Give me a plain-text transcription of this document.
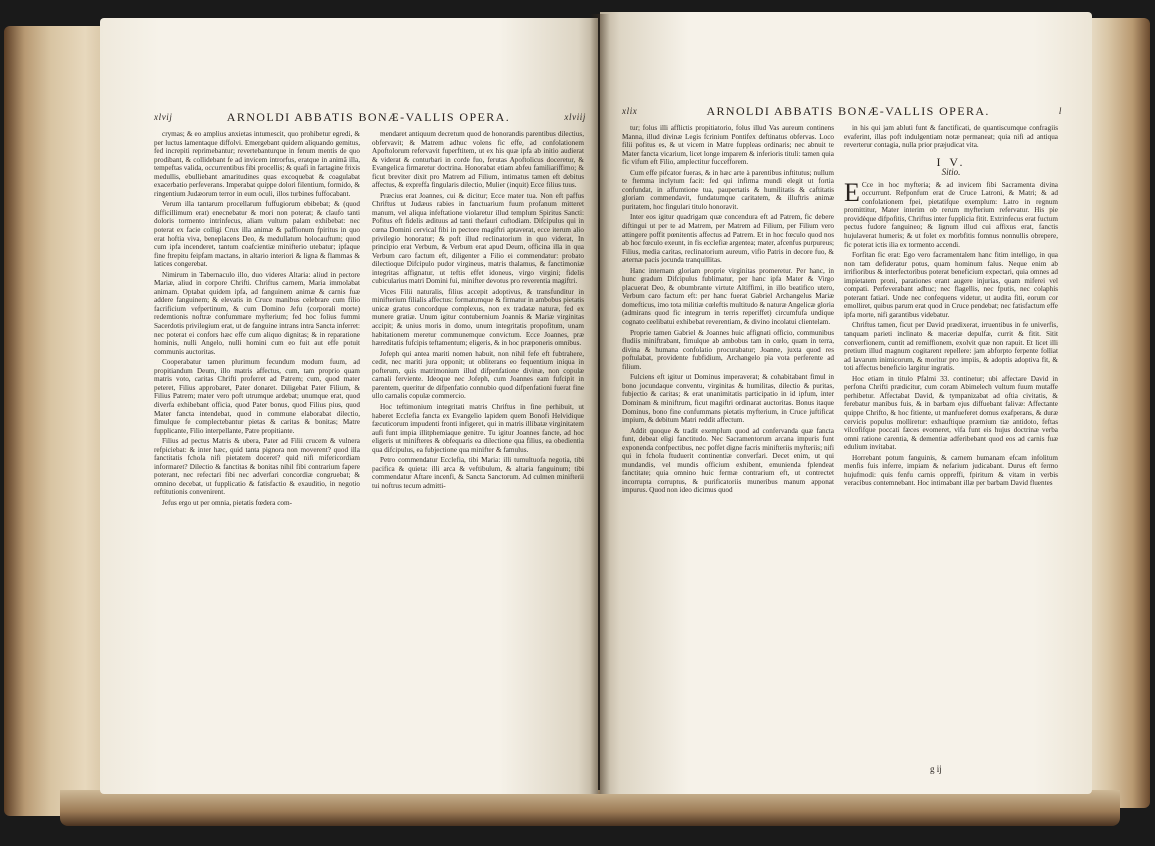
xlvij	ARNOLDI ABBATIS BONÆ-VALLIS OPERA.	xlviij

crymas; & eo amplius anxietas intumescit, quo prohibetur egredi, & per luctus lamentaque diffolvi. Emergebant quidem aliquando gemitus, fed increpiti reprimebantur; revertebanturque in fenum mentis de quo prodibant, & collidebant fe ad invicem introrfus, eratque in animâ illa, tempeftas valida, occurrentibus fibi procellis; & quafi in fartagine frixis medullis, ebulliebant amaritudines quas excoquebat & coagulabat exacerbatio perfeverans. Imperabat quippe dolori filentium, formido, & ringentium Judæorum terror in eum oculi, illos turbines fuffocabant.

Verum illa tantarum procellarum fuffugiorum ebibebat; & (quod difficillimum erat) enecnebatur & mori non poterat; & claufo tanti doloris tormento intrinfecus, aliam vultum palam exhibebat: nec poterat ex facie colligi Crux illa animæ & paffionum fpiritus in quo erat hoftia viva, beneplacens Deo, & medullatum holocauftum; quod cum ipfa incenderet, tantum coafcientiæ minifterio utebatur; ipfaque fine ftrepitu feipfam mactans, in altario interiori & ligna & flammas & latices congerebat.

Nimirum in Tabernaculo illo, duo videres Altaria: aliud in pectore Mariæ, aliud in corpore Chrifti. Chriftus carnem, Maria immolabat animam. Optabat quidem ipfa, ad fanguinem animæ & carnis fuæ addere fanguinem; & elevatis in Cruce manibus celebrare cum filio facrificium vefpertinum, & cum Domino Jefu (corporali morte) redemtionis noftræ confummare myfterium; fed hoc folius fummi Sacerdotis privilegium erat, ut de fanguine intrans intra Sancta inferret: nec poterat ei confors hæc effe cum aliquo dignitas; & in reparatione hominis, nulli Angelo, nulli homini cum eo fuit aut effe potuit communis auctoritas.

Cooperabatur tamen plurimum fecundum modum fuum, ad propitiandum Deum, illo matris affectus, cum, tam proprio quam matris voto, caritas Chrifti proferret ad Patrem; cum, quod mater peteret, Filius approbaret, Pater donaret. Diligebat Pater Filium, & Filius Patrem; mater vero poft utrumque ardebat; unumque erat, quod diverfa exhibebant officia, quod Pater bonus, quod Filius pius, quod Mater fancta intendebat, quod in commune elaborabat dilectio, fimulque fe complectebantur pietas & caritas & bonitas; Matre fupplicante, Filio interpellante, Patre propitiante.

Filius ad pectus Matris & ubera, Pater ad Filii crucem & vulnera refpiciebat: & inter hæc, quid tanta pignora non moverent? quod illa fanctitatis fchola nifi pietatem doceret? quid nifi mifericordiam informaret? Dilectio & fanctitas & bonitas nihil fibi contrarium fapere poterant, nec refectari fibi nec adverfari concordiæ congruebat; & omnino decebat, ut fupplicatio & fatisfactio & exauditio, in negotio reftitutionis convenirent.

Jefus ergo ut per omnia, pietatis fœdera com-

mendaret antiquum decretum quod de honorandis parentibus dilectius, obfervavit; & Matrem adhuc volens fic effe, ad confolationem Apoftolorum refervavit fuperftitem, ut ex his quæ ipfa ab initio audierat & viderat & conturbari in corde fuo, ferutas Apoftolicus doceretur, & Evangelica firmaretur doctrina. Honorabat etiam abfeu familiariffimo; & ficut breviter dixit pro Matrem ad Filium, intimatus tamen eft debitus affectus, & expreffa fingularis dilectio, Mulier (inquit) Ecce filius tuus.

Præcius erat Joannes, cui & dicitur; Ecce mater tua. Non eft paffus Chriftus ut Judæus rabies in fanctuarium fuum profanum mitteret manum, vel aliqua infeftatione violaretur illud templum Spiritus Sancti: Pofitus eft fidelis ædituus ad tanti thefauri cuftodiam. Difcipulus qui in cœna Domini cervical fibi in pectore magiftri aptaverat, ecce iterum alio privilegio honoratur; & poft illud reclinatorium in quo viderat, In principio erat Verbum, & Verbum erat apud Deum, officina illa in qua Verbum caro factum eft, diligenter a Filio ei commendatur: probato dilectioque Difcipulo pudor virgineus, matris thalamus, & fanctimoniæ integritas affignatur, ut teftis effet idoneus, virgo virgini; fidelis cubicularius matri Domini fui, minifter devotus pro reverentia magiftri.

Vices Filii naturalis, filius accepit adoptivus, & transfunditur in minifterium filialis affectus: formatumque & firmatur in ambobus pietatis unicæ gratus concordque complexus, non ex tradatæ naturæ, fed ex munere gratiæ. Unum igitur contubernium Joannis & Mariæ virginitas accipit; & unius moris in domo, unum integritatis propofitum, unam habitationem meretur communemque convictum. Ecce Joannes, præ hæreditatis fufcipis teftamentum; eligeris, & in hoc præponeris omnibus.

Jofeph qui antea mariti nomen habuit, non nihil fefe eft fubtrahere, cedit, nec mariti jura opponit; ut obliterans eo fequentium iniqua in pofterum, quis matrimonium illud difpenfatione divinæ, non copulæ carnali ferviente. Ideoque nec Jofeph, cum Joannes eam fufcipit in parentem, queritur de difpenfatio connubio quod difpenfationi fuerat fine ullo carnalis copulæ commercio.

Hoc teftimonium integritati matris Chriftus in fine perhibuit, ut haberet Ecclefia fancta ex Evangelio lapidem quem Bonofi Helvidique fæcuticorum impudenti fronti infigeret, qui in matris illibatæ virginitatem aufi funt impia illitphemiaque genitre. Tu igitur Joannes fancte, ad hoc eligeris ut minifteres & obfequaris ea dilectione qua filius, ea obedientia qua difcipulus, ea fubjectione qua minifter & famulus.

Petro commendatur Ecclefia, tibi Maria: illi tumultuofa negotia, tibi pacifica & quieta: illi arca & veftibulum, & altaria fanguinum; tibi commendatur Aftare incenfi, & Sancta Sanctorum. Ad culmen minifterii tui noftrus tecum admitti-

xlix	ARNOLDI ABBATIS BONÆ-VALLIS OPERA.	l

tur; folus illi afflictis propitiatorio, folus illud Vas aureum continens Manna, illud divinæ Legis fcrinium Pontifex deftinatus obfervas. Loco filii pofitus es, & ut vicem in Matre fuppleas ordinaris; nec abnuit te Mater fancta vicarium, licet longe imparem & inferioris tituli: tamen quia fic vifum eft Filio, amplectitur fuccefforem.

Cum effe pifcator fueras, & in hæc arte à parentibus inftitutus; nullum te ftemma inclytum facit: fed qui infirma mundi elegit ut fortia confundat, in affumtione tua, paupertatis & humilitatis & caftitatis gloriam commendavit, fundatumque caritatem, & illuftris animæ puritatem, hoc fingulari titulo honoravit.

Inter eos igitur quadrigam quæ concendura eft ad Patrem, fic debere diftingui ut per te ad Matrem, per Matrem ad Filium, per Filium vero attingere poffit pœnitentis affectus ad Patrem. Et in hoc fœculo quod nos ab hoc fœculo exeunt, in fis ecclefiæ argentea; mater, afcenfus purpureus; Filius, media caritas, reclinatorium aureum, vifio Patris in decore fuo, & æternæ pacis jocunda tranquillitas.

Hanc internam gloriam proprie virginitas promeretur. Per hanc, in hunc gradum Difcipulus fublimatur, per hanc ipfa Mater & Virgo placuerat Deo, & obumbrante virtute Altiffimi, in illo beatifico utero, Verbum caro factum eft: per hanc fuerat Gabriel Archangelus Mariæ domefticus, imo tota militiæ cœleftis multitudo & naturæ Angelicæ gloria (admirans quod fic integrum in terris reperiffet) circumfufa undique cognato ceelibatui exhibebat reverentiam, & divino incolatui clientelam.

Proprie tamen Gabriel & Joannes huic affignati officio, communibus fludiis miniftrabant, fimulque ab ambobus tam in cœlo, quam in terra, divina & humana confolatio procurabatur; Joanne, juxta quod res poftulabat, providente fubfidium, Archangelo pia vota perferente ad filium.

Fulciens eft igitur ut Dominus imperaverat; & cohabitabant fimul in bono jocundaque conventu, virginitas & humilitas, dilectio & puritas, fubjectio & caritas; & erat unanimitatis participatio in id ipfum, inter Dominam & miniftrum, ficut magiftri ordinarat auctoritas. Bonus itaque Dominus, bono fine confummans pietatis myfterium, in Cruce juftificat impium, & debitum Matri reddit affectum.

Addit quoque & tradit exemplum quod ad confervanda quæ fancta funt, debeat eligi fanctitudo. Nec Sacramentorum arcana impuris funt exponenda confpectibus, nec poffet digne facris minifteriis myfteriis; nifi qui in fchola ftuduerit continentiæ converfari. Decet enim, ut qui mundandis, vel mundis officium exhibent, emunienda fplendeat fanctitate; quia omnino huic fermæ contrarium eft, ut contrectet incorrupta corruptus, & purificatoriis muneribus manum apponat impurus. Quod non ideo dicimus quod

in his qui jam abluti funt & fanctificati, de quantiscumque confragiis evaferint, illas poft indulgentiam notæ permaneat; quia nifi ad antiqua reverterur contagia, nulla prior præjudicat vita.

I V.
Sitio.

E Cce in hoc myfteria; & ad invicem fibi Sacramenta divina occurrunt. Refponfum erat de Cruce Latroni, & Matri; & ad confolationem fpei, pietatifque exemplum: Latro in regnum promittitur, Mater interim ob rerum myfterium refervatur. His pie providèque difpofitis, Chriftus inter fupplicia fitit. Extrinfecus erat fuctum pectus fudore fanguineo; & lignum illud cui affixus erat, fanctis hujulaverat humeris; & ut folet ex morbfitis fomnus nonnullis obrepere, fic poterat ictis ilia ex tormento accendi.

Forfitan fic erat: Ego vero facramentalem hanc fitim intelligo, in qua non tam defideratur potus, quam hominum falus. Neque enim ab irrifioribus & interfectoribus poterat beneficium expectari, quia omnes ad impietatem proni, parationes erant augere injurias, quam miferei vel compati. Perfeverabant adhuc; nec flagellis, nec fputis, nec colaphis poterant fatiari. Unde nec confequens videtur, ut audita fiti, eorum cor emolliret, quibus parum erat quod in Cruce pendebat; nec fatisfactum effe ipfa morte, nifi garantibus videbatur.

Chriftus tamen, ficut per David prædixerat, irruentibus in fe univerfis, tanquam parieti inclinato & maceriæ depulfæ, currit & fitit. Sitit converfionem, cuntit ad remiffionem, exolvit quæ non rapuit. Et licet illi pretium illud magnum cogitarent repellere: jam abforpto ferpente folliat ad lavarum inimicorum, & moritur pro impiis, & adoptis adoptiva fit, & toti affectus beneficio largitur ingratis.

Hoc etiam in titulo Pfalmi 33. continetur; ubi affectare David in perfona Chrifti prædicitur, cum coram Abimelech vultum fuum mutaffe perhibetur. Affectabat David, & tympanizabat ad oftia civitatis, & ferebatur manibus fuis, & in barbam ejus diffuebant falivæ: Affectante quippe Chrifto, & hoc fitiente, ut manfueferet domus exafperans, & duræ cervicis populus molliretur: exhauftique præmium tiæ antidoto, feftas vilcofifque poccati fæces evomeret, vifa funt eis hujus doctrinæ verba omni ratione carentia, & dementiæ adferibebant quod eos ad carnis fuæ edulium invitabat.

Horrebant potum fanguinis, & carnem humanam efcam infolitum menfis fuis inferre, impiam & nefarium judicabant. Durus eft fermo hujufmodi: quis fenfu carnis oppreffi, fpiritum & vitam in verbis veracibus contemnebant. Hoc intimabant illæ per barbam David fluentes

g ij
